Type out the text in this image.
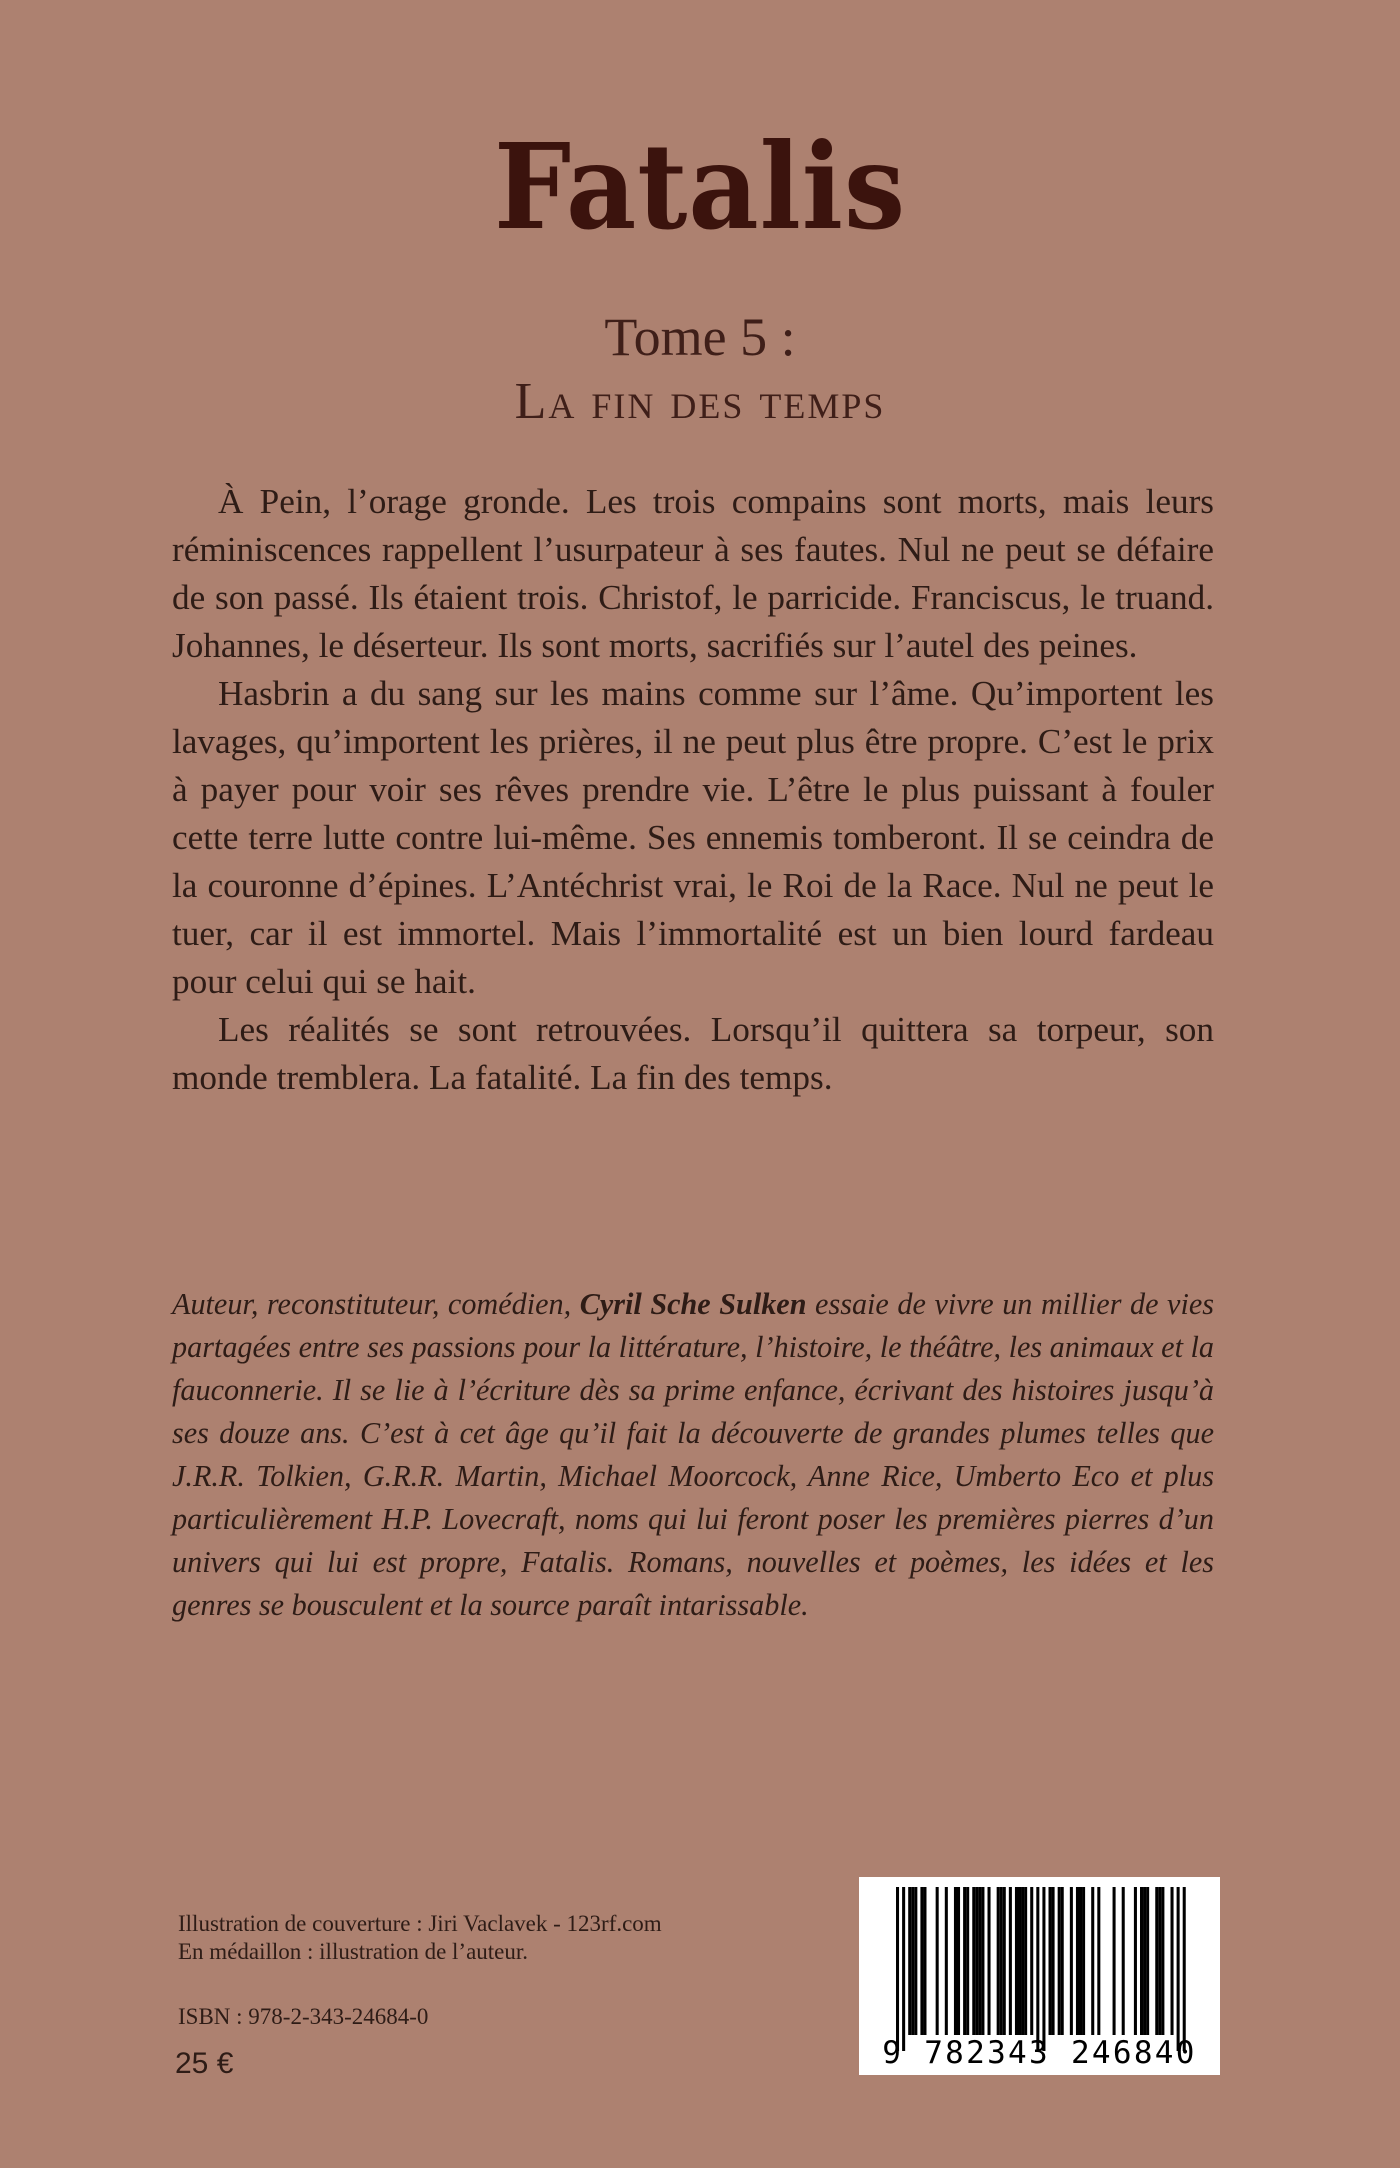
Fatalis
Tome 5 :
La fin des temps

À Pein, l’orage gronde. Les trois compains sont morts, mais leurs réminiscences rappellent l’usurpateur à ses fautes. Nul ne peut se défaire de son passé. Ils étaient trois. Christof, le parricide. Franciscus, le truand. Johannes, le déserteur. Ils sont morts, sacrifiés sur l’autel des peines.

Hasbrin a du sang sur les mains comme sur l’âme. Qu’importent les lavages, qu’importent les prières, il ne peut plus être propre. C’est le prix à payer pour voir ses rêves prendre vie. L’être le plus puissant à fouler cette terre lutte contre lui-même. Ses ennemis tomberont. Il se ceindra de la couronne d’épines. L’Antéchrist vrai, le Roi de la Race. Nul ne peut le tuer, car il est immortel. Mais l’immortalité est un bien lourd fardeau pour celui qui se hait.

Les réalités se sont retrouvées. Lorsqu’il quittera sa torpeur, son monde tremblera. La fatalité. La fin des temps.

Auteur, reconstituteur, comédien, Cyril Sche Sulken essaie de vivre un millier de vies partagées entre ses passions pour la littérature, l’histoire, le théâtre, les animaux et la fauconnerie. Il se lie à l’écriture dès sa prime enfance, écrivant des histoires jusqu’à ses douze ans. C’est à cet âge qu’il fait la découverte de grandes plumes telles que J.R.R. Tolkien, G.R.R. Martin, Michael Moorcock, Anne Rice, Umberto Eco et plus particulièrement H.P. Lovecraft, noms qui lui feront poser les premières pierres d’un univers qui lui est propre, Fatalis. Romans, nouvelles et poèmes, les idées et les genres se bousculent et la source paraît intarissable.
Illustration de couverture : Jiri Vaclavek - 123rf.com
En médaillon : illustration de l’auteur.
ISBN : 978-2-343-24684-0
25 €	9 782343 246840
